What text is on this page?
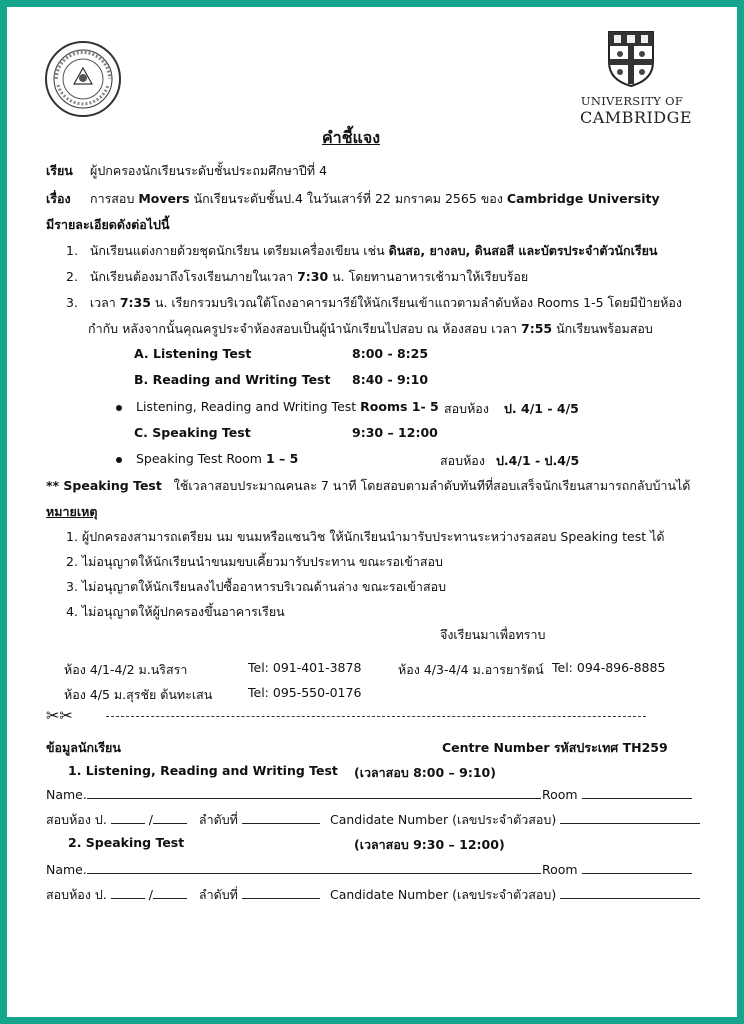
UNIVERSITY OF
CAMBRIDGE
คำชี้แจง
เรียน ผู้ปกครองนักเรียนระดับชั้นประถมศึกษาปีที่ 4
เรื่อง การสอบ Movers นักเรียนระดับชั้นป.4 ในวันเสาร์ที่ 22 มกราคม 2565 ของ Cambridge University
มีรายละเอียดดังต่อไปนี้
1. นักเรียนแต่งกายด้วยชุดนักเรียน เตรียมเครื่องเขียน เช่น ดินสอ, ยางลบ, ดินสอสี และบัตรประจำตัวนักเรียน
2. นักเรียนต้องมาถึงโรงเรียนภายในเวลา 7:30 น. โดยทานอาหารเช้ามาให้เรียบร้อย
3. เวลา 7:35 น. เรียกรวมบริเวณใต้โถงอาคารมารีย์ให้นักเรียนเข้าแถวตามลำดับห้อง Rooms 1-5 โดยมีป้ายห้อง
กำกับ หลังจากนั้นคุณครูประจำห้องสอบเป็นผู้นำนักเรียนไปสอบ ณ ห้องสอบ เวลา 7:55 นักเรียนพร้อมสอบ
A. Listening Test	8:00 - 8:25
B. Reading and Writing Test 8:40 - 9:10
Listening, Reading and Writing Test Rooms 1- 5 สอบห้อง ป. 4/1 - 4/5
C. Speaking Test	9:30 – 12:00
Speaking Test Room 1 – 5	สอบห้อง ป.4/1 - ป.4/5
** Speaking Test ใช้เวลาสอบประมาณคนละ 7 นาที โดยสอบตามลำดับทันทีที่สอบเสร็จนักเรียนสามารถกลับบ้านได้
หมายเหตุ
1. ผู้ปกครองสามารถเตรียม นม ขนมหรือแซนวิช ให้นักเรียนนำมารับประทานระหว่างรอสอบ Speaking test ได้
2. ไม่อนุญาตให้นักเรียนนำขนมขบเคี้ยวมารับประทาน ขณะรอเข้าสอบ
3. ไม่อนุญาตให้นักเรียนลงไปซื้ออาหารบริเวณด้านล่าง ขณะรอเข้าสอบ
4. ไม่อนุญาตให้ผู้ปกครองขึ้นอาคารเรียน
จึงเรียนมาเพื่อทราบ
ห้อง 4/1-4/2 ม.นริสรา	Tel: 091-401-3878	ห้อง 4/3-4/4 ม.อารยารัตน์ Tel: 094-896-8885
ห้อง 4/5 ม.สุรชัย ต้นทะเสน	Tel: 095-550-0176
✂✂
ข้อมูลนักเรียน	Centre Number รหัสประเทศ TH259
1. Listening, Reading and Writing Test (เวลาสอบ 8:00 – 9:10)
Name.	Room
สอบห้อง ป.	/	ลำดับที่	Candidate Number (เลขประจำตัวสอบ)
2. Speaking Test	(เวลาสอบ 9:30 – 12:00)
Name.	Room
สอบห้อง ป.	/	ลำดับที่	Candidate Number (เลขประจำตัวสอบ)
